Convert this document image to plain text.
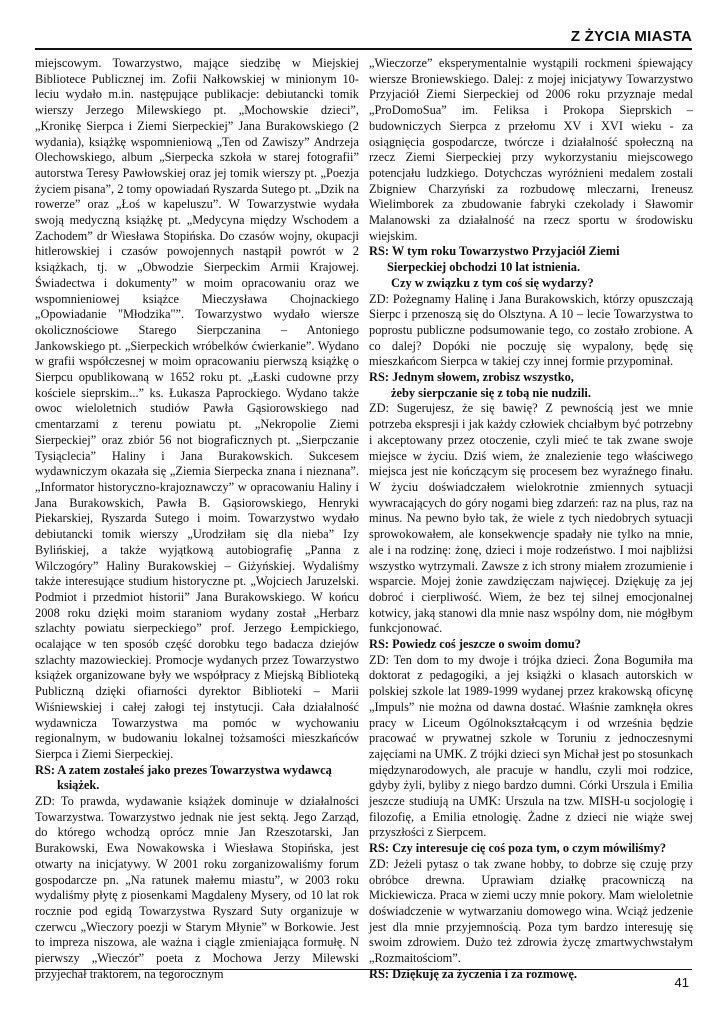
Z ŻYCIA MIASTA

miejscowym. Towarzystwo, mające siedzibę w Miejskiej Bibliotece Publicznej im. Zofii Nałkowskiej w minionym 10-leciu wydało m.in. następujące publikacje: debiutancki tomik wierszy Jerzego Milewskiego pt. „Mochowskie dzieci”, „Kronikę Sierpca i Ziemi Sierpeckiej” Jana Burakowskiego (2 wydania), książkę wspomnieniową „Ten od Zawiszy” Andrzeja Olechowskiego, album „Sierpecka szkoła w starej fotografii” autorstwa Teresy Pawłowskiej oraz jej tomik wierszy pt. „Poezja życiem pisana”, 2 tomy opowiadań Ryszarda Sutego pt. „Dzik na rowerze” oraz „Łoś w kapeluszu”. W Towarzystwie wydała swoją medyczną książkę pt. „Medycyna między Wschodem a Zachodem” dr Wiesława Stopińska. Do czasów wojny, okupacji hitlerowskiej i czasów powojennych nastąpił powrót w 2 książkach, tj. w „Obwodzie Sierpeckim Armii Krajowej. Świadectwa i dokumenty” w moim opracowaniu oraz we wspomnieniowej książce Mieczysława Chojnackiego „Opowiadanie "Młodzika"”. Towarzystwo wydało wiersze okolicznościowe Starego Sierpczanina – Antoniego Jankowskiego pt. „Sierpeckich wróbelków ćwierkanie”. Wydano w grafii współczesnej w moim opracowaniu pierwszą książkę o Sierpcu opublikowaną w 1652 roku pt. „Łaski cudowne przy kościele sieprskim...” ks. Łukasza Paprockiego. Wydano także owoc wieloletnich studiów Pawła Gąsiorowskiego nad cmentarzami z terenu powiatu pt. „Nekropolie Ziemi Sierpeckiej” oraz zbiór 56 not biograficznych pt. „Sierpczanie Tysiąclecia” Haliny i Jana Burakowskich. Sukcesem wydawniczym okazała się „Ziemia Sierpecka znana i nieznana”. „Informator historyczno-krajoznawczy” w opracowaniu Haliny i Jana Burakowskich, Pawła B. Gąsiorowskiego, Henryki Piekarskiej, Ryszarda Sutego i moim. Towarzystwo wydało debiutancki tomik wierszy „Urodziłam się dla nieba” Izy Bylińskiej, a także wyjątkową autobiografię „Panna z Wilczogóry” Haliny Burakowskiej – Giżyńskiej. Wydaliśmy także interesujące studium historyczne pt. „Wojciech Jaruzelski. Podmiot i przedmiot historii” Jana Burakowskiego. W końcu 2008 roku dzięki moim staraniom wydany został „Herbarz szlachty powiatu sierpeckiego” prof. Jerzego Łempickiego, ocalające w ten sposób część dorobku tego badacza dziejów szlachty mazowieckiej. Promocje wydanych przez Towarzystwo książek organizowane były we współpracy z Miejską Biblioteką Publiczną dzięki ofiarności dyrektor Biblioteki – Marii Wiśniewskiej i całej załogi tej instytucji. Cała działalność wydawnicza Towarzystwa ma pomóc w wychowaniu regionalnym, w budowaniu lokalnej tożsamości mieszkańców Sierpca i Ziemi Sierpeckiej.

RS: A zatem zostałeś jako prezes Towarzystwa wydawcą
książek.

ZD: To prawda, wydawanie książek dominuje w działalności Towarzystwa. Towarzystwo jednak nie jest sektą. Jego Zarząd, do którego wchodzą oprócz mnie Jan Rzeszotarski, Jan Burakowski, Ewa Nowakowska i Wiesława Stopińska, jest otwarty na inicjatywy. W 2001 roku zorganizowaliśmy forum gospodarcze pn. „Na ratunek małemu miastu”, w 2003 roku wydaliśmy płytę z piosenkami Magdaleny Mysery, od 10 lat rok rocznie pod egidą Towarzystwa Ryszard Suty organizuje w czerwcu „Wieczory poezji w Starym Młynie” w Borkowie. Jest to impreza niszowa, ale ważna i ciągle zmieniająca formułę. N pierwszy „Wieczór” poeta z Mochowa Jerzy Milewski przyjechał traktorem, na tegorocznym

„Wieczorze” eksperymentalnie wystąpili rockmeni śpiewający wiersze Broniewskiego. Dalej: z mojej inicjatywy Towarzystwo Przyjaciół Ziemi Sierpeckiej od 2006 roku przyznaje medal „ProDomoSua” im. Feliksa i Prokopa Sieprskich – budowniczych Sierpca z przełomu XV i XVI wieku - za osiągnięcia gospodarcze, twórcze i działalność społeczną na rzecz Ziemi Sierpeckiej przy wykorzystaniu miejscowego potencjału ludzkiego. Dotychczas wyróżnieni medalem zostali Zbigniew Charzyński za rozbudowę mleczarni, Ireneusz Wielimborek za zbudowanie fabryki czekolady i Sławomir Malanowski za działalność na rzecz sportu w środowisku wiejskim.

RS: W tym roku Towarzystwo Przyjaciół Ziemi
Sierpeckiej obchodzi 10 lat istnienia.
Czy w związku z tym coś się wydarzy?

ZD: Pożegnamy Halinę i Jana Burakowskich, którzy opuszczają Sierpc i przenoszą się do Olsztyna. A 10 – lecie Towarzystwa to poprostu publiczne podsumowanie tego, co zostało zrobione. A co dalej? Dopóki nie poczuję się wypalony, będę się mieszkańcom Sierpca w takiej czy innej formie przypominał.

RS: Jednym słowem, zrobisz wszystko,
żeby sierpczanie się z tobą nie nudzili.

ZD: Sugerujesz, że się bawię? Z pewnością jest we mnie potrzeba ekspresji i jak każdy człowiek chciałbym być potrzebny i akceptowany przez otoczenie, czyli mieć te tak zwane swoje miejsce w życiu. Dziś wiem, że znalezienie tego właściwego miejsca jest nie kończącym się procesem bez wyraźnego finału. W życiu doświadczałem wielokrotnie zmiennych sytuacji wywracających do góry nogami bieg zdarzeń: raz na plus, raz na minus. Na pewno było tak, że wiele z tych niedobrych sytuacji sprowokowałem, ale konsekwencje spadały nie tylko na mnie, ale i na rodzinę: żonę, dzieci i moje rodzeństwo. I moi najbliżsi wszystko wytrzymali. Zawsze z ich strony miałem zrozumienie i wsparcie. Mojej żonie zawdzięczam najwięcej. Dziękuję za jej dobroć i cierpliwość. Wiem, że bez tej silnej emocjonalnej kotwicy, jaką stanowi dla mnie nasz wspólny dom, nie mógłbym funkcjonować.

RS: Powiedz coś jeszcze o swoim domu?

ZD: Ten dom to my dwoje i trójka dzieci. Żona Bogumiła ma doktorat z pedagogiki, a jej książki o klasach autorskich w polskiej szkole lat 1989-1999 wydanej przez krakowską oficynę „Impuls” nie można od dawna dostać. Właśnie zamknęła okres pracy w Liceum Ogólnokształcącym i od września będzie pracować w prywatnej szkole w Toruniu z jednoczesnymi zajęciami na UMK. Z trójki dzieci syn Michał jest po stosunkach międzynarodowych, ale pracuje w handlu, czyli moi rodzice, gdyby żyli, byliby z niego bardzo dumni. Córki Urszula i Emilia jeszcze studiują na UMK: Urszula na tzw. MISH-u socjologię i filozofię, a Emilia etnologię. Żadne z dzieci nie wiąże swej przyszłości z Sierpcem.

RS: Czy interesuje cię coś poza tym, o czym mówiliśmy?

ZD: Jeżeli pytasz o tak zwane hobby, to dobrze się czuję przy obróbce drewna. Uprawiam działkę pracowniczą na Mickiewicza. Praca w ziemi uczy mnie pokory. Mam wieloletnie doświadczenie w wytwarzaniu domowego wina. Wciąż jedzenie jest dla mnie przyjemnością. Poza tym bardzo interesuję się swoim zdrowiem. Dużo też zdrowia życzę zmartwychwstałym „Rozmaitościom”.

RS: Dziękuję za życzenia i za rozmowę.

41
